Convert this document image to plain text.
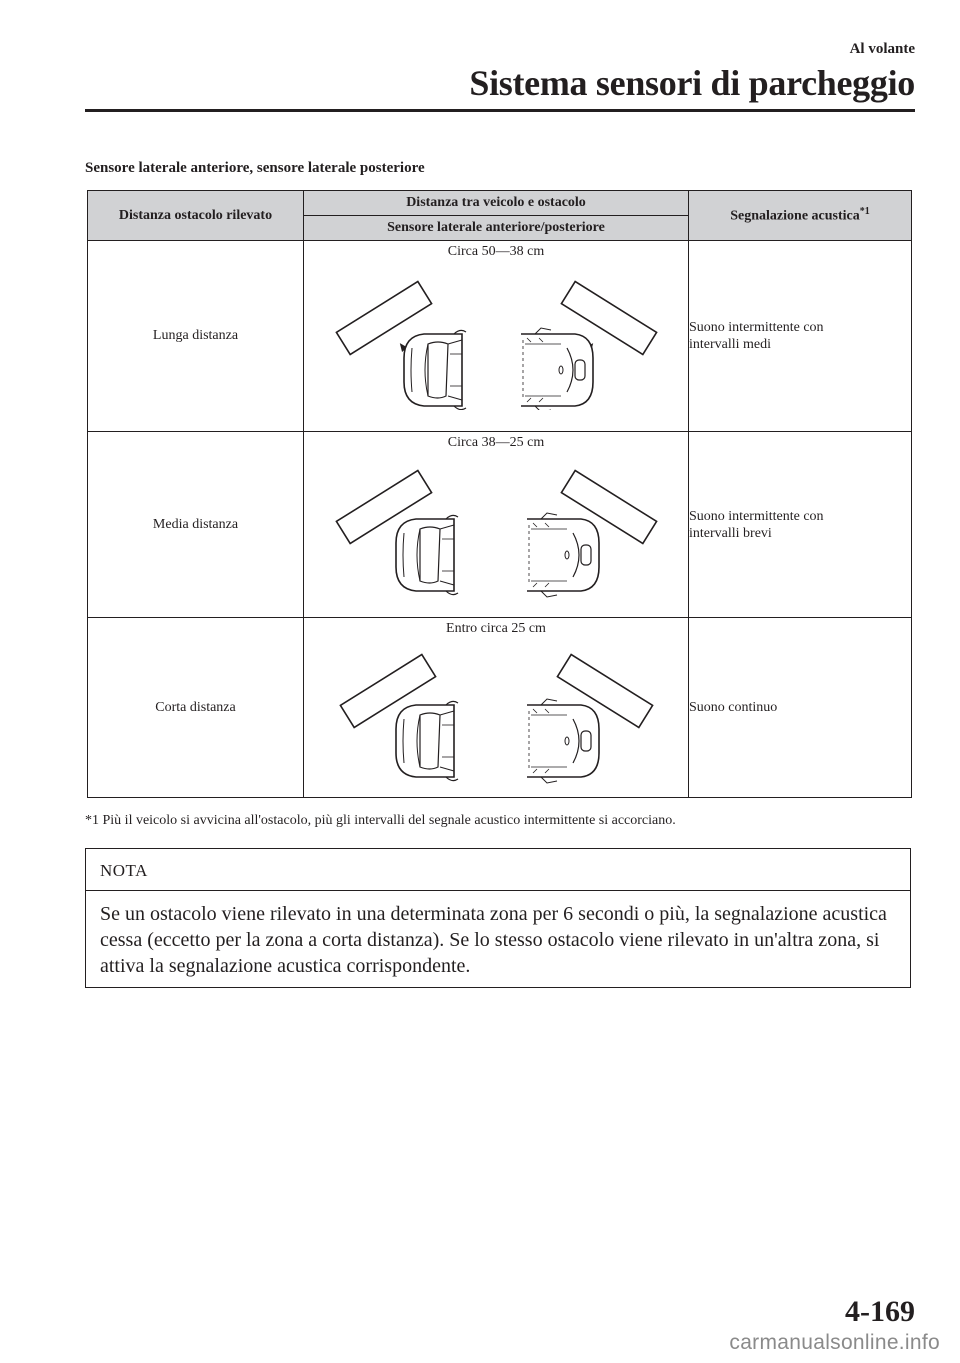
Al volante
Sistema sensori di parcheggio
Sensore laterale anteriore, sensore laterale posteriore
Distanza ostacolo rilevato	Distanza tra veicolo e ostacolo	Segnalazione acustica$^{*1}$
	Sensore laterale anteriore/posteriore	
Lunga distanza	Circa 50—38 cm	Suono intermittente con
intervalli medi
Media distanza	Circa 38—25 cm	Suono intermittente con
intervalli brevi
Corta distanza	Entro circa 25 cm	Suono continuo
*1 Più il veicolo si avvicina all'ostacolo, più gli intervalli del segnale acustico intermittente si accorciano.
NOTA
Se un ostacolo viene rilevato in una determinata zona per 6 secondi o più, la segnalazione acustica cessa (eccetto per la zona a corta distanza). Se lo stesso ostacolo viene rilevato in un'altra zona, si attiva la segnalazione acustica corrispondente.
4-169
carmanualsonline.info
